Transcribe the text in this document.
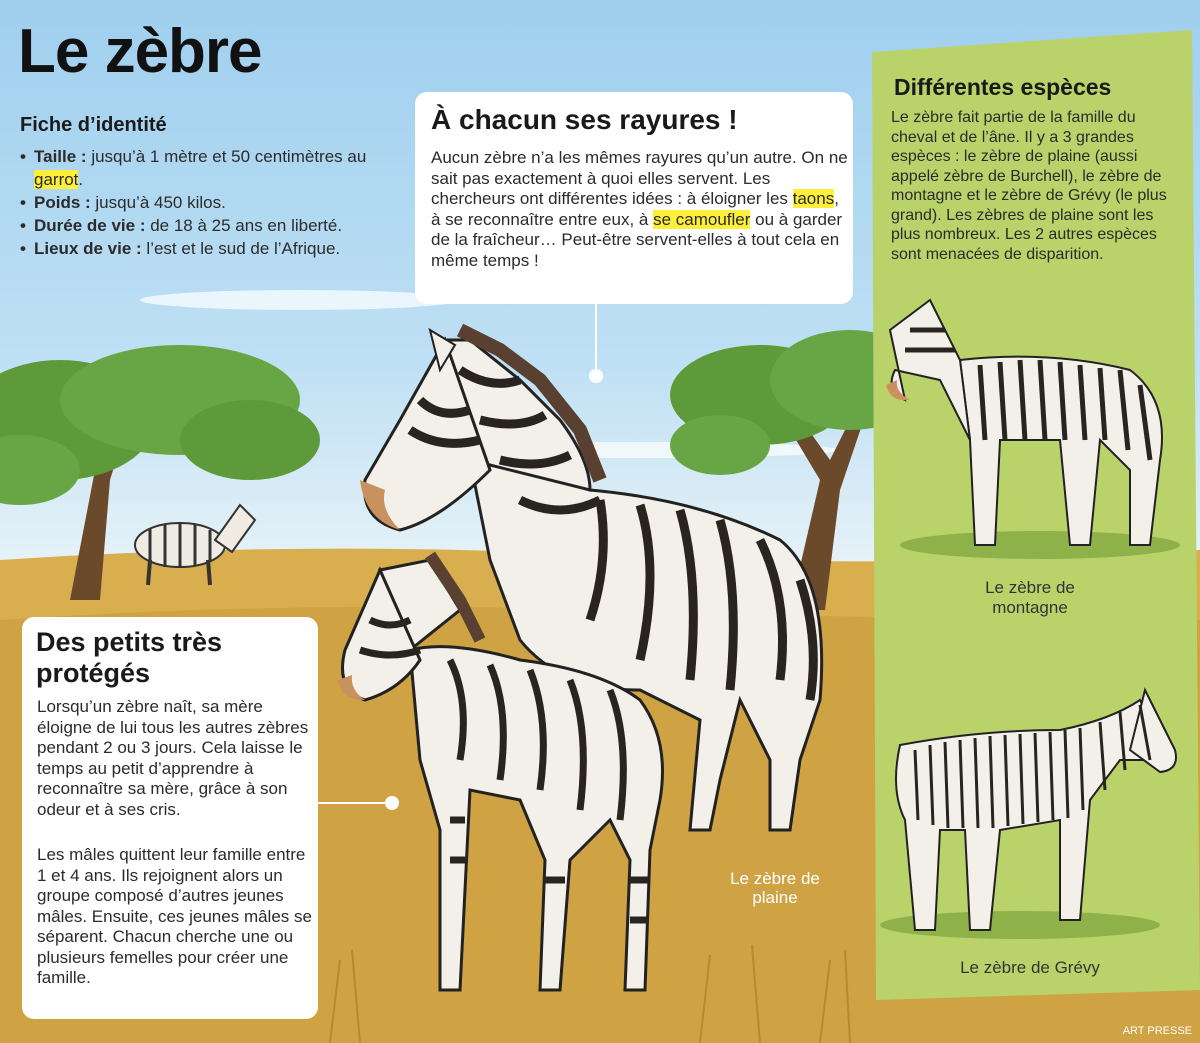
Le zèbre
Fiche d’identité
• Taille : jusqu’à 1 mètre et 50 centimètres au garrot.
• Poids : jusqu’à 450 kilos.
• Durée de vie : de 18 à 25 ans en liberté.
• Lieux de vie : l’est et le sud de l’Afrique.
À chacun ses rayures !

Aucun zèbre n’a les mêmes rayures qu’un autre. On ne sait pas exactement à quoi elles servent. Les chercheurs ont différentes idées : à éloigner les taons, à se reconnaître entre eux, à se camoufler ou à garder de la fraîcheur… Peut-être servent-elles à tout cela en même temps !

Des petits très protégés

Lorsqu’un zèbre naît, sa mère éloigne de lui tous les autres zèbres pendant 2 ou 3 jours. Cela laisse le temps au petit d’apprendre à reconnaître sa mère, grâce à son odeur et à ses cris.

Les mâles quittent leur famille entre 1 et 4 ans. Ils rejoignent alors un groupe composé d’autres jeunes mâles. Ensuite, ces jeunes mâles se séparent. Chacun cherche une ou plusieurs femelles pour créer une famille.

Différentes espèces

Le zèbre fait partie de la famille du cheval et de l’âne. Il y a 3 grandes espèces : le zèbre de plaine (aussi appelé zèbre de Burchell), le zèbre de montagne et le zèbre de Grévy (le plus grand). Les zèbres de plaine sont les plus nombreux. Les 2 autres espèces sont menacées de disparition.

Le zèbre de montagne
Le zèbre de Grévy
Le zèbre de plaine
ART PRESSE
